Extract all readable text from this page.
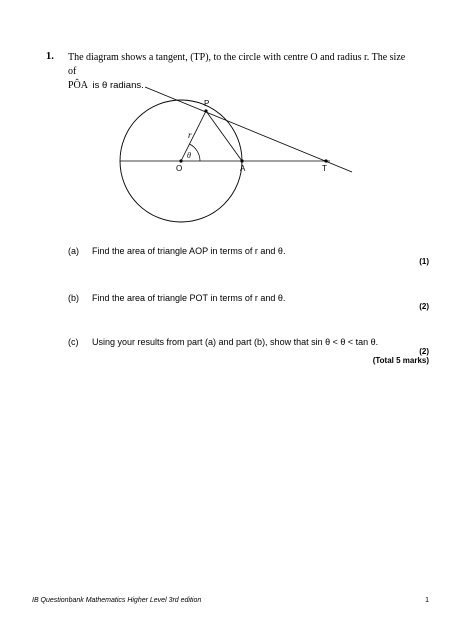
1. The diagram shows a tangent, (TP), to the circle with centre O and radius r. The size of
PÔA is θ radians.
P
O	A	T
r
θ
(a) Find the area of triangle AOP in terms of r and θ.
(1)
(b) Find the area of triangle POT in terms of r and θ.
(2)
(c) Using your results from part (a) and part (b), show that sin θ < θ < tan θ.
(2)
(Total 5 marks)
IB Questionbank Mathematics Higher Level 3rd edition	1
